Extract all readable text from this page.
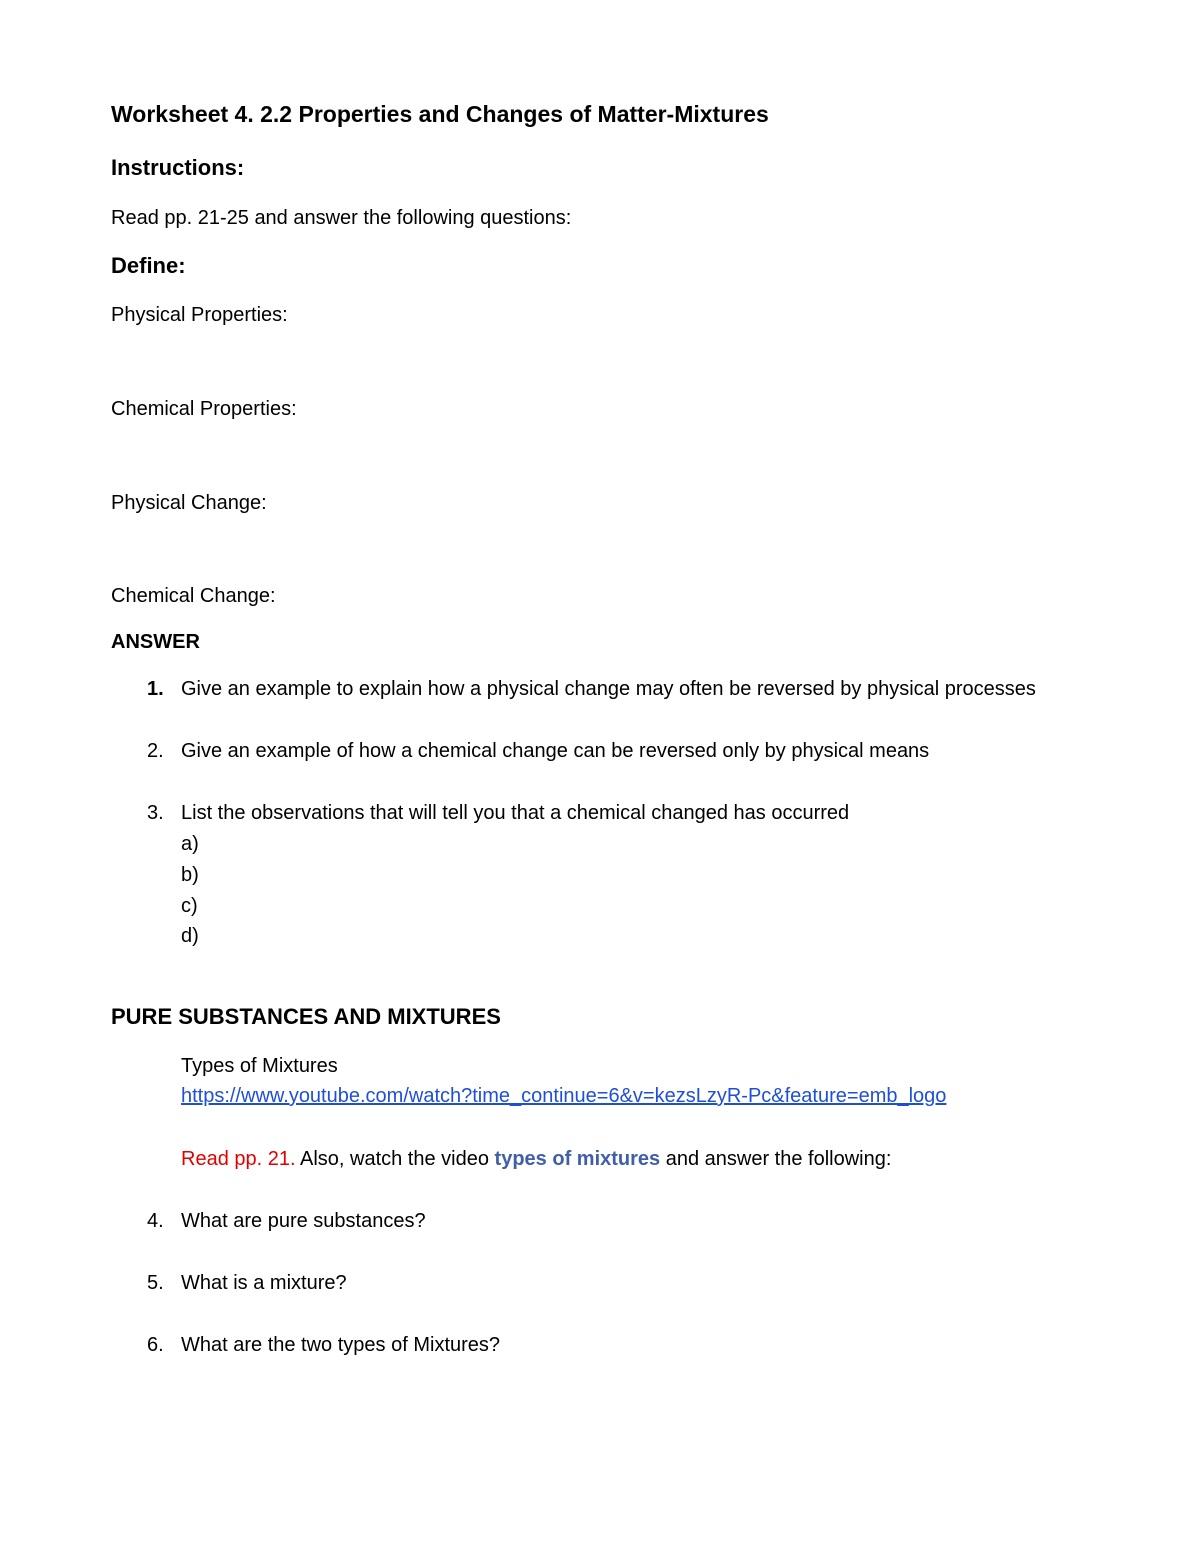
Worksheet 4. 2.2 Properties and Changes of Matter-Mixtures
Instructions:
Read pp. 21-25 and answer the following questions:
Define:
Physical Properties:
Chemical Properties:
Physical Change:
Chemical Change:
ANSWER
1. Give an example to explain how a physical change may often be reversed by physical processes
2. Give an example of how a chemical change can be reversed only by physical means
3. List the observations that will tell you that a chemical changed has occurred
a)
b)
c)
d)
PURE SUBSTANCES AND MIXTURES
Types of Mixtures
https://www.youtube.com/watch?time_continue=6&v=kezsLzyR-Pc&feature=emb_logo
Read pp. 21. Also, watch the video types of mixtures and answer the following:
4. What are pure substances?
5. What is a mixture?
6. What are the two types of Mixtures?
